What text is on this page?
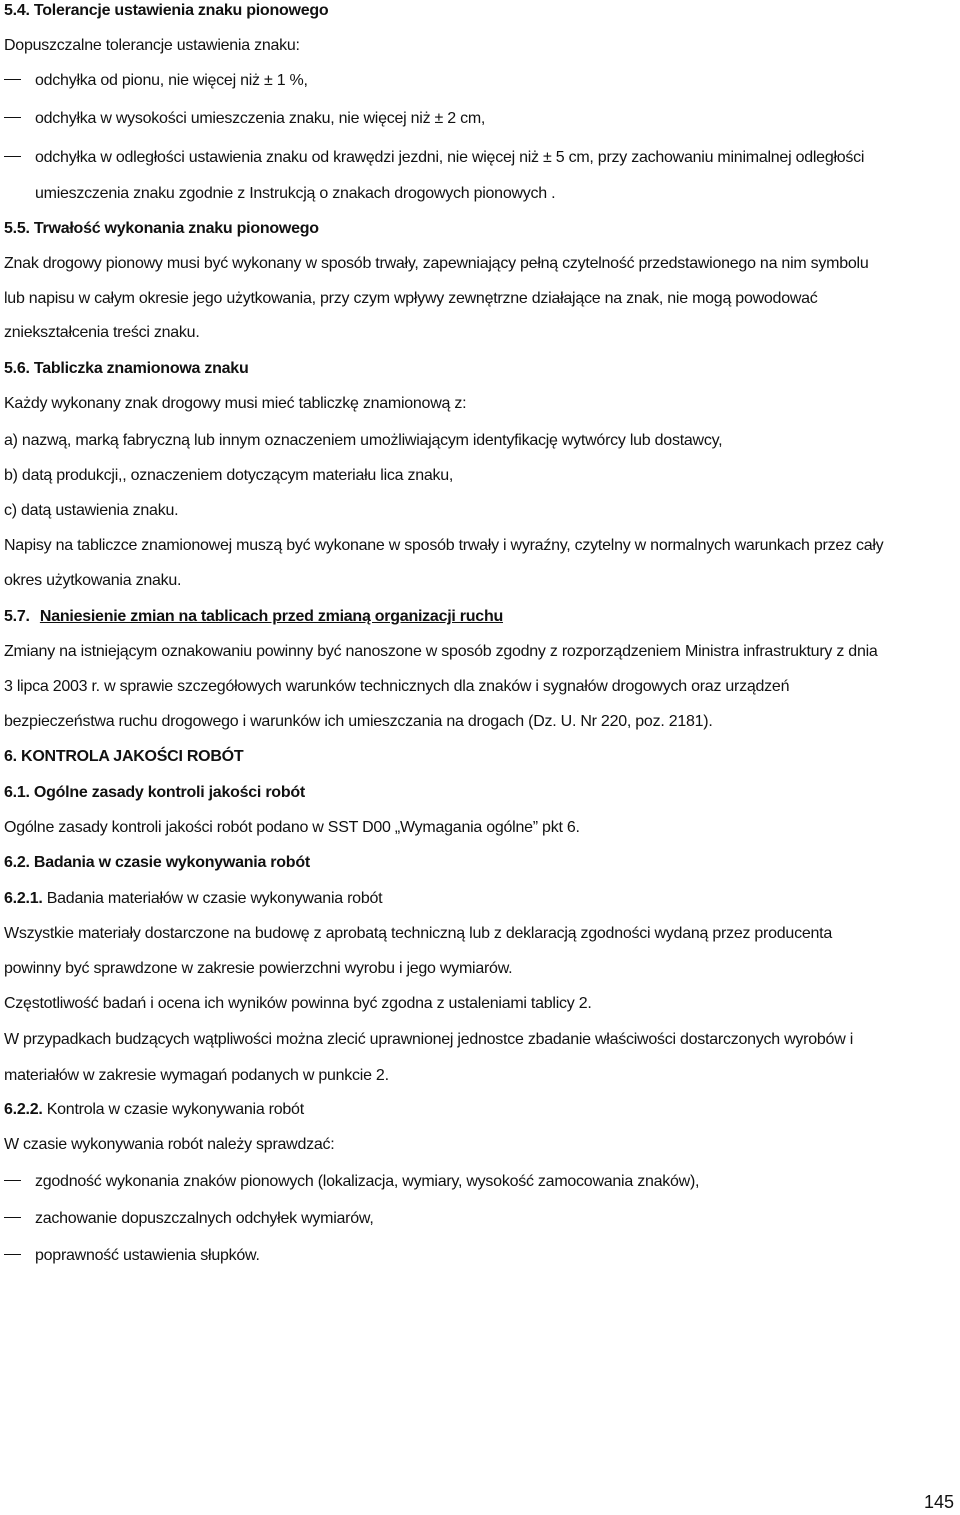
5.4. Tolerancje ustawienia znaku pionowego
Dopuszczalne tolerancje ustawienia znaku:
odchyłka od pionu, nie więcej niż ± 1 %,
odchyłka w wysokości umieszczenia znaku, nie więcej niż ± 2 cm,
odchyłka w odległości ustawienia znaku od krawędzi jezdni, nie więcej niż ± 5 cm, przy zachowaniu minimalnej odległości
umieszczenia znaku zgodnie z Instrukcją o znakach drogowych pionowych .
5.5. Trwałość wykonania znaku pionowego
Znak drogowy pionowy musi być wykonany w sposób trwały, zapewniający pełną czytelność przedstawionego na nim symbolu
lub napisu w całym okresie jego użytkowania, przy czym wpływy zewnętrzne działające na znak, nie mogą powodować
zniekształcenia treści znaku.
5.6. Tabliczka znamionowa znaku
Każdy wykonany znak drogowy musi mieć tabliczkę znamionową z:
a) nazwą, marką fabryczną lub innym oznaczeniem umożliwiającym identyfikację wytwórcy lub dostawcy,
b) datą produkcji,, oznaczeniem dotyczącym materiału lica znaku,
c) datą ustawienia znaku.
Napisy na tabliczce znamionowej muszą być wykonane w sposób trwały i wyraźny, czytelny w normalnych warunkach przez cały
okres użytkowania znaku.
5.7. Naniesienie zmian na tablicach przed zmianą organizacji ruchu
Zmiany na istniejącym oznakowaniu powinny być nanoszone w sposób zgodny z rozporządzeniem Ministra infrastruktury z dnia
3 lipca 2003 r. w sprawie szczegółowych warunków technicznych dla znaków i sygnałów drogowych oraz urządzeń
bezpieczeństwa ruchu drogowego i warunków ich umieszczania na drogach (Dz. U. Nr 220, poz. 2181).
6. KONTROLA JAKOŚCI ROBÓT
6.1. Ogólne zasady kontroli jakości robót
Ogólne zasady kontroli jakości robót podano w SST D00 „Wymagania ogólne” pkt 6.
6.2. Badania w czasie wykonywania robót
6.2.1. Badania materiałów w czasie wykonywania robót
Wszystkie materiały dostarczone na budowę z aprobatą techniczną lub z deklaracją zgodności wydaną przez producenta
powinny być sprawdzone w zakresie powierzchni wyrobu i jego wymiarów.
Częstotliwość badań i ocena ich wyników powinna być zgodna z ustaleniami tablicy 2.
W przypadkach budzących wątpliwości można zlecić uprawnionej jednostce zbadanie właściwości dostarczonych wyrobów i
materiałów w zakresie wymagań podanych w punkcie 2.
6.2.2. Kontrola w czasie wykonywania robót
W czasie wykonywania robót należy sprawdzać:
zgodność wykonania znaków pionowych (lokalizacja, wymiary, wysokość zamocowania znaków),
zachowanie dopuszczalnych odchyłek wymiarów,
poprawność ustawienia słupków.
145
